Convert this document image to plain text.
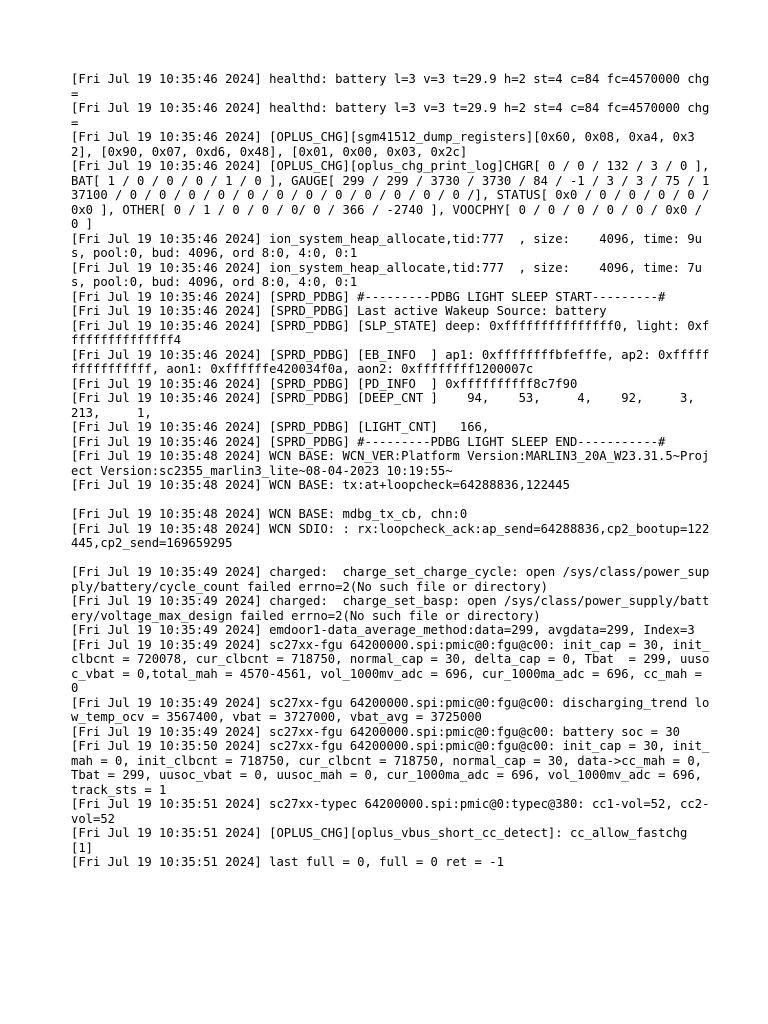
[Fri Jul 19 10:35:46 2024] healthd: battery l=3 v=3 t=29.9 h=2 st=4 c=84 fc=4570000 chg=
[Fri Jul 19 10:35:46 2024] healthd: battery l=3 v=3 t=29.9 h=2 st=4 c=84 fc=4570000 chg=
[Fri Jul 19 10:35:46 2024] [OPLUS_CHG][sgm41512_dump_registers][0x60, 0x08, 0xa4, 0x32], [0x90, 0x07, 0xd6, 0x48], [0x01, 0x00, 0x03, 0x2c]
[Fri Jul 19 10:35:46 2024] [OPLUS_CHG][oplus_chg_print_log]CHGR[ 0 / 0 / 132 / 3 / 0 ], BAT[ 1 / 0 / 0 / 0 / 1 / 0 ], GAUGE[ 299 / 299 / 3730 / 3730 / 84 / -1 / 3 / 3 / 75 / 137100 / 0 / 0 / 0 / 0 / 0 / 0 / 0 / 0 / 0 / 0 / 0 / 0 /], STATUS[ 0x0 / 0 / 0 / 0 / 0 / 0x0 ], OTHER[ 0 / 1 / 0 / 0 / 0/ 0 / 366 / -2740 ], VOOCPHY[ 0 / 0 / 0 / 0 / 0 / 0x0 / 0 ]
[Fri Jul 19 10:35:46 2024] ion_system_heap_allocate,tid:777  , size:    4096, time: 9us, pool:0, bud: 4096, ord 8:0, 4:0, 0:1
[Fri Jul 19 10:35:46 2024] ion_system_heap_allocate,tid:777  , size:    4096, time: 7us, pool:0, bud: 4096, ord 8:0, 4:0, 0:1
[Fri Jul 19 10:35:46 2024] [SPRD_PDBG] #---------PDBG LIGHT SLEEP START---------#
[Fri Jul 19 10:35:46 2024] [SPRD_PDBG] Last active Wakeup Source: battery
[Fri Jul 19 10:35:46 2024] [SPRD_PDBG] [SLP_STATE] deep: 0xfffffffffffffff0, light: 0xfffffffffffffff4
[Fri Jul 19 10:35:46 2024] [SPRD_PDBG] [EB_INFO  ] ap1: 0xffffffffbfefffe, ap2: 0xffffffffffffffff, aon1: 0xffffffe420034f0a, aon2: 0xffffffff1200007c
[Fri Jul 19 10:35:46 2024] [SPRD_PDBG] [PD_INFO  ] 0xffffffffff8c7f90
[Fri Jul 19 10:35:46 2024] [SPRD_PDBG] [DEEP_CNT ]    94,    53,     4,    92,     3,   213,     1,
[Fri Jul 19 10:35:46 2024] [SPRD_PDBG] [LIGHT_CNT]   166,
[Fri Jul 19 10:35:46 2024] [SPRD_PDBG] #---------PDBG LIGHT SLEEP END-----------#
[Fri Jul 19 10:35:48 2024] WCN BASE: WCN_VER:Platform Version:MARLIN3_20A_W23.31.5~Project Version:sc2355_marlin3_lite~08-04-2023 10:19:55~
[Fri Jul 19 10:35:48 2024] WCN BASE: tx:at+loopcheck=64288836,122445
[Fri Jul 19 10:35:48 2024] WCN BASE: mdbg_tx_cb, chn:0
[Fri Jul 19 10:35:48 2024] WCN SDIO: : rx:loopcheck_ack:ap_send=64288836,cp2_bootup=122445,cp2_send=169659295
[Fri Jul 19 10:35:49 2024] charged:  charge_set_charge_cycle: open /sys/class/power_supply/battery/cycle_count failed errno=2(No such file or directory)
[Fri Jul 19 10:35:49 2024] charged:  charge_set_basp: open /sys/class/power_supply/battery/voltage_max_design failed errno=2(No such file or directory)
[Fri Jul 19 10:35:49 2024] emdoor1-data_average_method:data=299, avgdata=299, Index=3
[Fri Jul 19 10:35:49 2024] sc27xx-fgu 64200000.spi:pmic@0:fgu@c00: init_cap = 30, init_clbcnt = 720078, cur_clbcnt = 718750, normal_cap = 30, delta_cap = 0, Tbat  = 299, uusoc_vbat = 0,total_mah = 4570-4561, vol_1000mv_adc = 696, cur_1000ma_adc = 696, cc_mah = 0
[Fri Jul 19 10:35:49 2024] sc27xx-fgu 64200000.spi:pmic@0:fgu@c00: discharging_trend low_temp_ocv = 3567400, vbat = 3727000, vbat_avg = 3725000
[Fri Jul 19 10:35:49 2024] sc27xx-fgu 64200000.spi:pmic@0:fgu@c00: battery soc = 30
[Fri Jul 19 10:35:50 2024] sc27xx-fgu 64200000.spi:pmic@0:fgu@c00: init_cap = 30, init_mah = 0, init_clbcnt = 718750, cur_clbcnt = 718750, normal_cap = 30, data->cc_mah = 0, Tbat = 299, uusoc_vbat = 0, uusoc_mah = 0, cur_1000ma_adc = 696, vol_1000mv_adc = 696, track_sts = 1
[Fri Jul 19 10:35:51 2024] sc27xx-typec 64200000.spi:pmic@0:typec@380: cc1-vol=52, cc2-vol=52
[Fri Jul 19 10:35:51 2024] [OPLUS_CHG][oplus_vbus_short_cc_detect]: cc_allow_fastchg [1]
[Fri Jul 19 10:35:51 2024] last full = 0, full = 0 ret = -1
